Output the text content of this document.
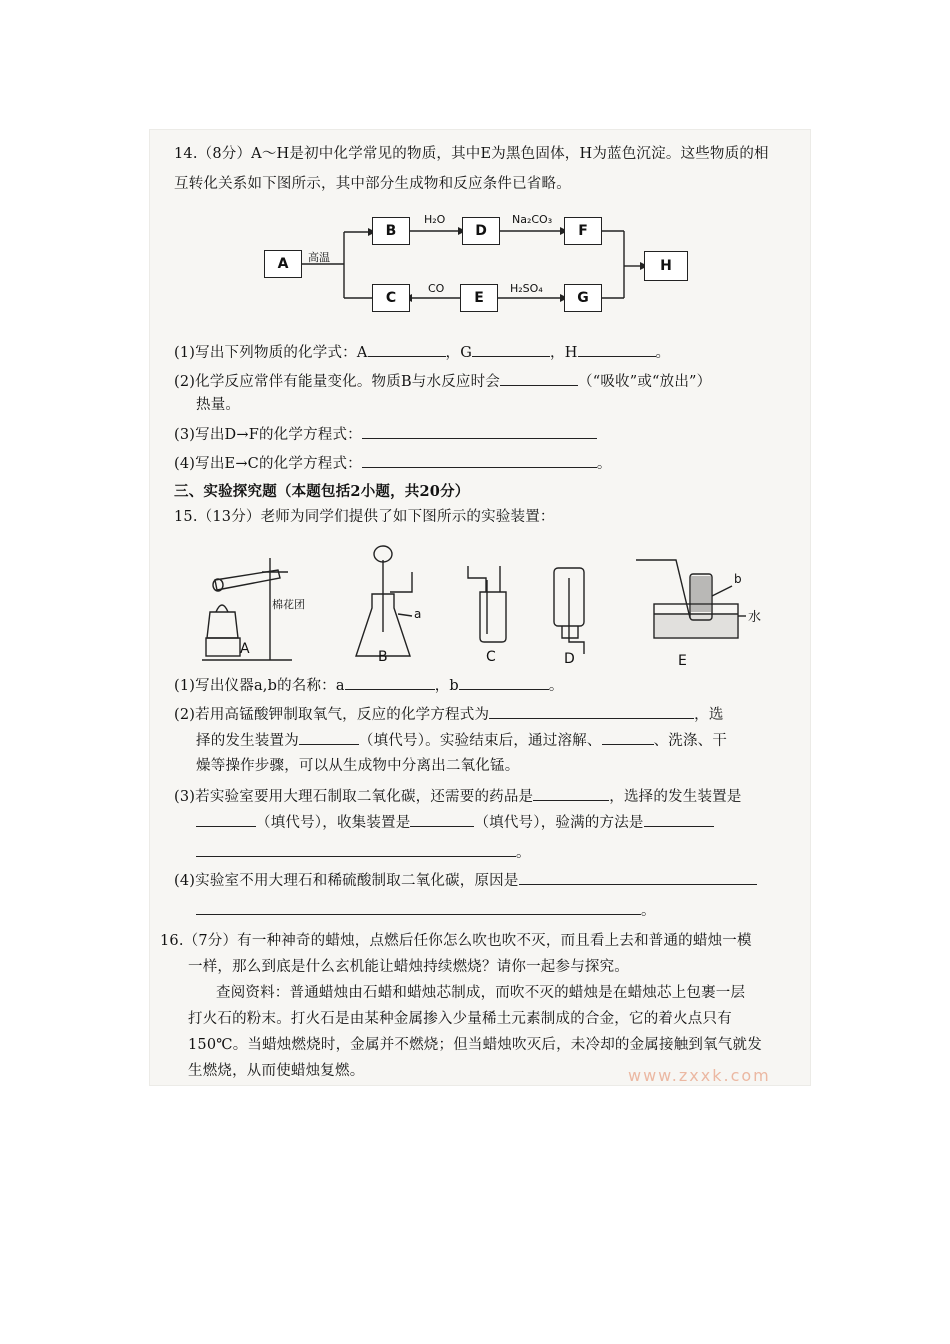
14.（8分）A～H是初中化学常见的物质，其中E为黑色固体，H为蓝色沉淀。这些物质的相
互转化关系如下图所示，其中部分生成物和反应条件已省略。
A
B	D	F
C	E	G
H
高温
H₂O	Na₂CO₃
CO	H₂SO₄
(1)写出下列物质的化学式：A	，G	，H	。
(2)化学反应常伴有能量变化。物质B与水反应时会	（“吸收”或“放出”）
热量。
(3)写出D→F的化学方程式：
(4)写出E→C的化学方程式：	。
三、实验探究题（本题包括2小题，共20分）
15.（13分）老师为同学们提供了如下图所示的实验装置：
棉花团
a
b
水
A	B	C	D	E
(1)写出仪器a,b的名称：a	，b	。
(2)若用高锰酸钾制取氧气，反应的化学方程式为	，选
择的发生装置为	（填代号）。实验结束后，通过溶解、	、洗涤、干
燥等操作步骤，可以从生成物中分离出二氧化锰。
(3)若实验室要用大理石制取二氧化碳，还需要的药品是	，选择的发生装置是
（填代号），收集装置是	（填代号），验满的方法是
。
(4)实验室不用大理石和稀硫酸制取二氧化碳，原因是
。
16.（7分）有一种神奇的蜡烛，点燃后任你怎么吹也吹不灭，而且看上去和普通的蜡烛一模
一样，那么到底是什么玄机能让蜡烛持续燃烧？请你一起参与探究。
查阅资料：普通蜡烛由石蜡和蜡烛芯制成，而吹不灭的蜡烛是在蜡烛芯上包裹一层
打火石的粉末。打火石是由某种金属掺入少量稀土元素制成的合金，它的着火点只有
150℃。当蜡烛燃烧时，金属并不燃烧；但当蜡烛吹灭后，未冷却的金属接触到氧气就发
生燃烧，从而使蜡烛复燃。	www.zxxk.com
